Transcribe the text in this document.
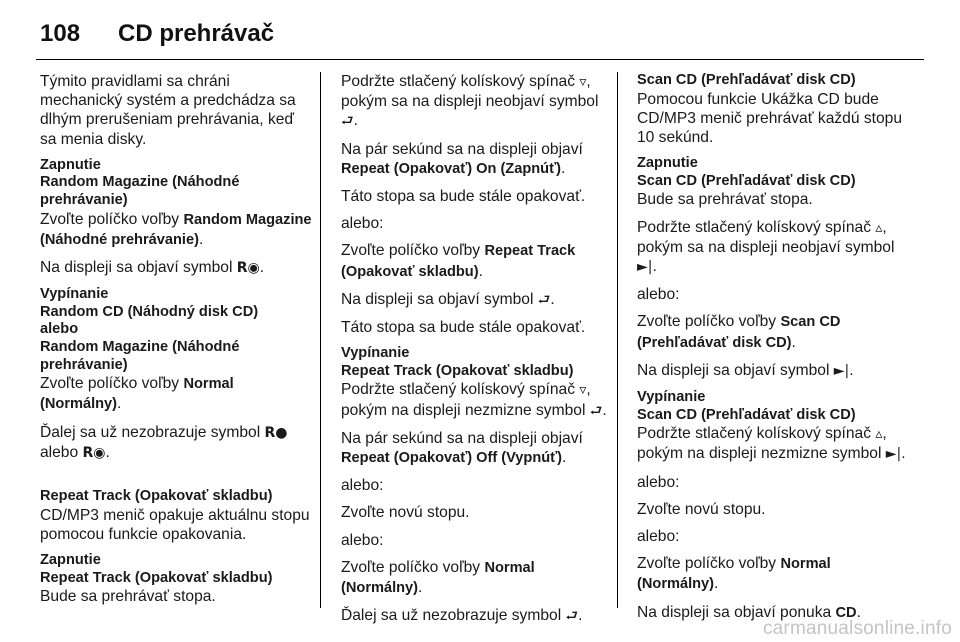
108 CD prehrávač
Týmito pravidlami sa chráni mechanický systém a predchádza sa dlhým prerušeniam prehrávania, keď sa menia disky.
Zapnutie
Random Magazine (Náhodné prehrávanie)
Zvoľte políčko voľby Random Magazine (Náhodné prehrávanie).
Na displeji sa objaví symbol R◉.
Vypínanie
Random CD (Náhodný disk CD)
alebo
Random Magazine (Náhodné prehrávanie)
Zvoľte políčko voľby Normal (Normálny).
Ďalej sa už nezobrazuje symbol R● alebo R◉.
Repeat Track (Opakovať skladbu)
CD/MP3 menič opakuje aktuálnu stopu pomocou funkcie opakovania.
Zapnutie
Repeat Track (Opakovať skladbu)
Bude sa prehrávať stopa.
Podržte stlačený kolískový spínač ▿, pokým sa na displeji neobjaví symbol ⮐.
Na pár sekúnd sa na displeji objaví Repeat (Opakovať) On (Zapnúť).
Táto stopa sa bude stále opakovať.
alebo:
Zvoľte políčko voľby Repeat Track (Opakovať skladbu).
Na displeji sa objaví symbol ⮐.
Táto stopa sa bude stále opakovať.
Vypínanie
Repeat Track (Opakovať skladbu)
Podržte stlačený kolískový spínač ▿, pokým na displeji nezmizne symbol ⮐.
Na pár sekúnd sa na displeji objaví Repeat (Opakovať) Off (Vypnúť).
alebo:
Zvoľte novú stopu.
alebo:
Zvoľte políčko voľby Normal (Normálny).
Ďalej sa už nezobrazuje symbol ⮐.
Scan CD (Prehľadávať disk CD)
Pomocou funkcie Ukážka CD bude CD/MP3 menič prehrávať každú stopu 10 sekúnd.
Zapnutie
Scan CD (Prehľadávať disk CD)
Bude sa prehrávať stopa.
Podržte stlačený kolískový spínač ▵, pokým sa na displeji neobjaví symbol ►|.
alebo:
Zvoľte políčko voľby Scan CD (Prehľadávať disk CD).
Na displeji sa objaví symbol ►|.
Vypínanie
Scan CD (Prehľadávať disk CD)
Podržte stlačený kolískový spínač ▵, pokým na displeji nezmizne symbol ►|.
alebo:
Zvoľte novú stopu.
alebo:
Zvoľte políčko voľby Normal (Normálny).
Na displeji sa objaví ponuka CD.
carmanualsonline.info
